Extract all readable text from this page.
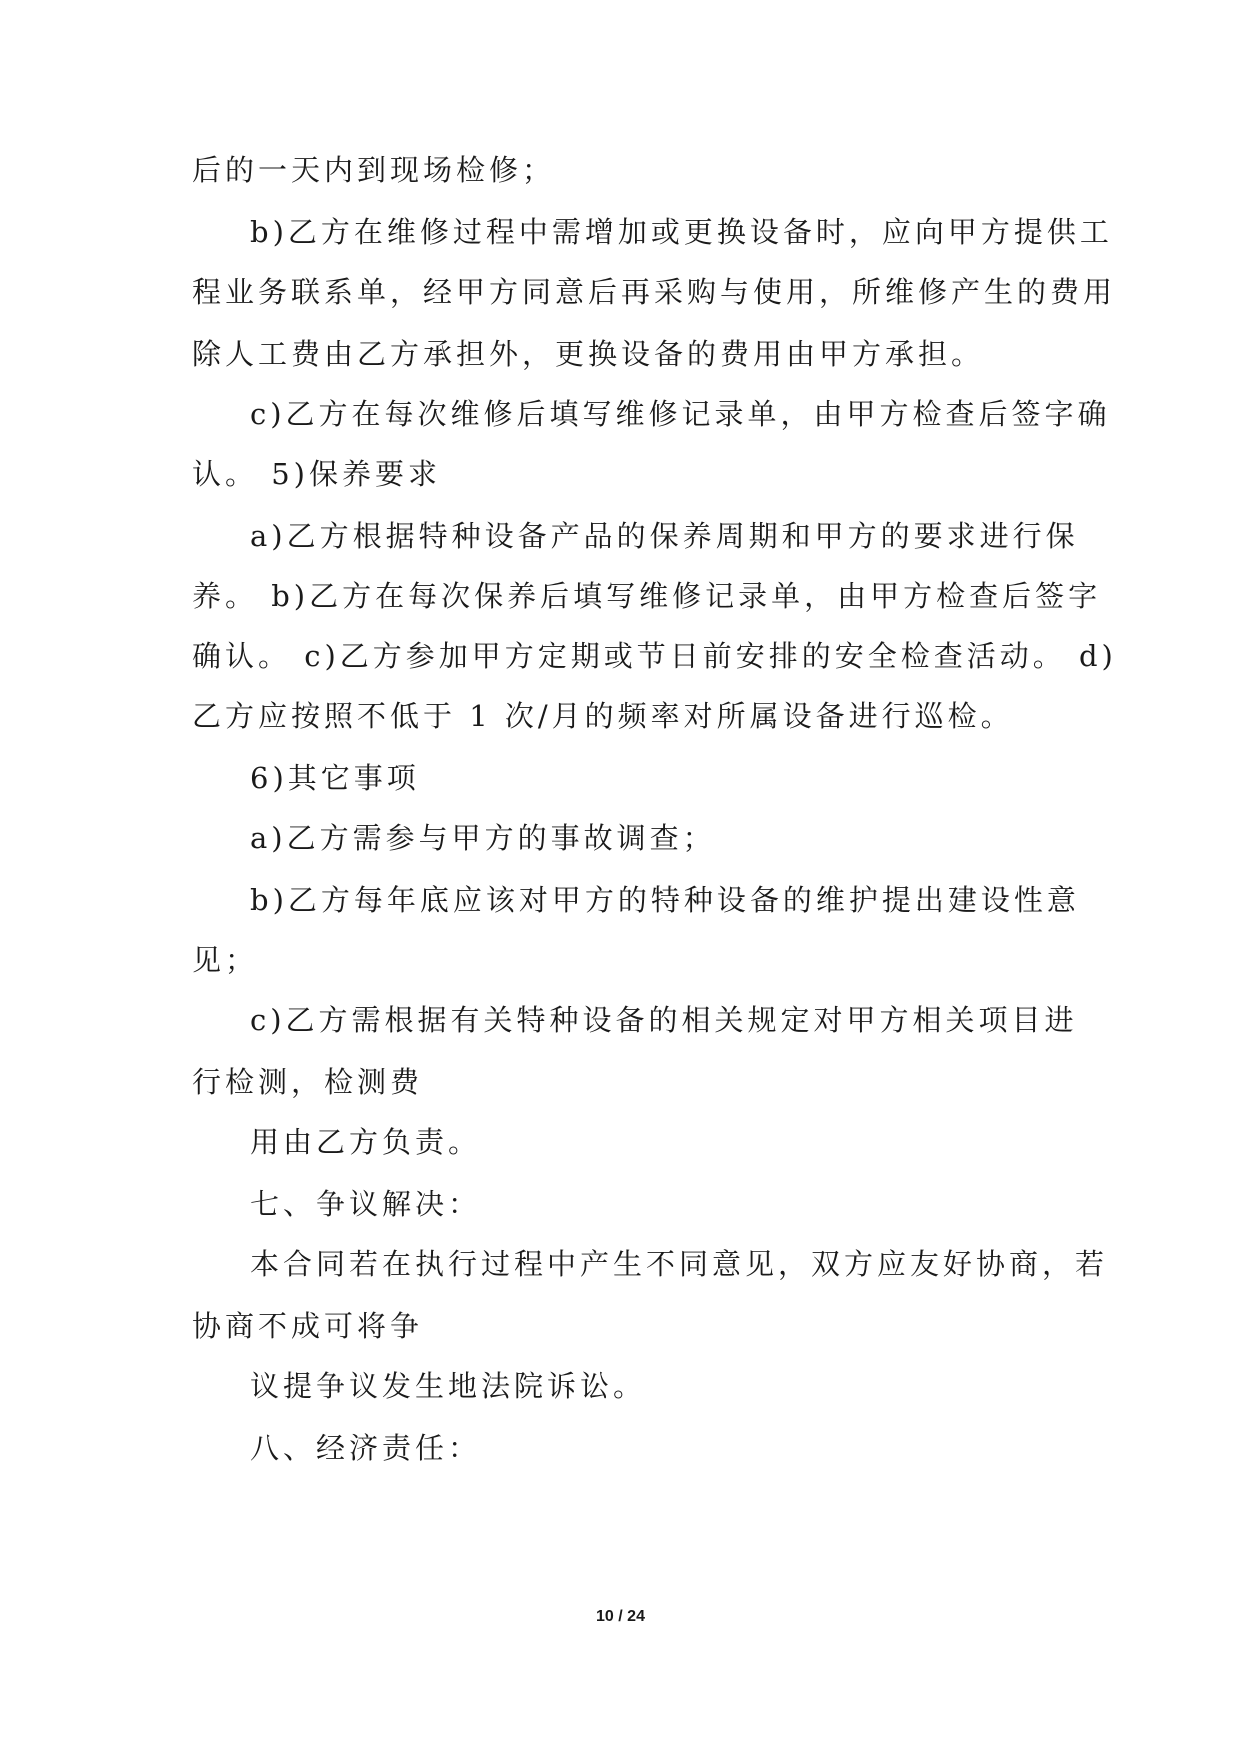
后的一天内到现场检修；
b)乙方在维修过程中需增加或更换设备时，应向甲方提供工
程业务联系单，经甲方同意后再采购与使用，所维修产生的费用
除人工费由乙方承担外，更换设备的费用由甲方承担。
c)乙方在每次维修后填写维修记录单，由甲方检查后签字确
认。 5)保养要求
a)乙方根据特种设备产品的保养周期和甲方的要求进行保
养。 b)乙方在每次保养后填写维修记录单，由甲方检查后签字
确认。 c)乙方参加甲方定期或节日前安排的安全检查活动。 d)
乙方应按照不低于 1 次/月的频率对所属设备进行巡检。
6)其它事项
a)乙方需参与甲方的事故调查；
b)乙方每年底应该对甲方的特种设备的维护提出建设性意
见；
c)乙方需根据有关特种设备的相关规定对甲方相关项目进
行检测，检测费
用由乙方负责。
七、争议解决：
本合同若在执行过程中产生不同意见，双方应友好协商，若
协商不成可将争
议提争议发生地法院诉讼。
八、经济责任：
10 / 24
